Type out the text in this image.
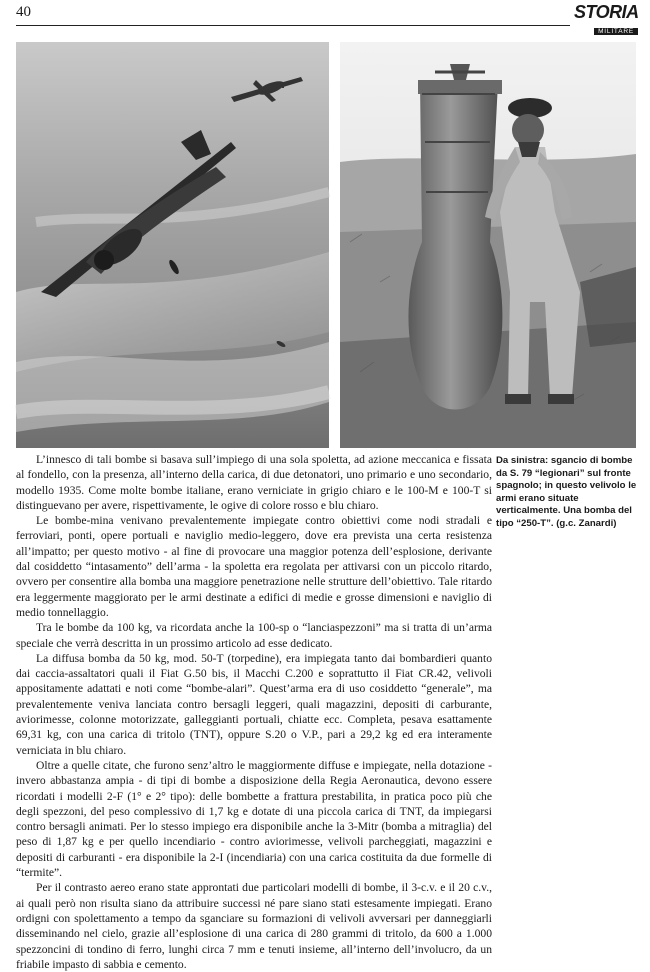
40	STORIA
MILITARE
Da sinistra: sgancio di bombe da S. 79 “legionari” sul fronte spagnolo; in questo velivolo le armi erano situate verticalmente. Una bomba del tipo “250-T”. (g.c. Zanardi)

L’innesco di tali bombe si basava sull’impiego di una sola spoletta, ad azione meccanica e fissata al fondello, con la presenza, all’interno della carica, di due detonatori, uno primario e uno secondario, modello 1935. Come molte bombe italiane, erano verniciate in grigio chiaro e le 100-M e 100-T si distinguevano per avere, rispettivamente, le ogive di colore rosso e blu chiaro.

Le bombe-mina venivano prevalentemente impiegate contro obiettivi come nodi stradali e ferroviari, ponti, opere portuali e naviglio medio-leggero, dove era prevista una certa resistenza all’impatto; per questo motivo - al fine di provocare una maggior potenza dell’esplosione, derivante dal cosiddetto “intasamento” dell’arma - la spoletta era regolata per attivarsi con un piccolo ritardo, ovvero per consentire alla bomba una maggiore penetrazione nelle strutture dell’obiettivo. Tale ritardo era leggermente maggiorato per le armi destinate a edifici di medie e grosse dimensioni e naviglio di medio tonnellaggio.

Tra le bombe da 100 kg, va ricordata anche la 100-sp o “lanciaspezzoni” ma si tratta di un’arma speciale che verrà descritta in un prossimo articolo ad esse dedicato.

La diffusa bomba da 50 kg, mod. 50-T (torpedine), era impiegata tanto dai bombardieri quanto dai caccia-assaltatori quali il Fiat G.50 bis, il Macchi C.200 e soprattutto il Fiat CR.42, velivoli appositamente adattati e noti come “bombe-alari”. Quest’arma era di uso cosiddetto “generale”, ma prevalentemente veniva lanciata contro bersagli leggeri, quali magazzini, depositi di carburante, aviorimesse, colonne motorizzate, galleggianti portuali, chiatte ecc. Completa, pesava esattamente 69,31 kg, con una carica di tritolo (TNT), oppure S.20 o V.P., pari a 29,2 kg ed era interamente verniciata in blu chiaro.

Oltre a quelle citate, che furono senz’altro le maggiormente diffuse e impiegate, nella dotazione - invero abbastanza ampia - di tipi di bombe a disposizione della Regia Aeronautica, devono essere ricordati i modelli 2-F (1° e 2° tipo): delle bombette a frattura prestabilita, in pratica poco più che degli spezzoni, del peso complessivo di 1,7 kg e dotate di una piccola carica di TNT, da impiegarsi contro bersagli animati. Per lo stesso impiego era disponibile anche la 3-Mitr (bomba a mitraglia) del peso di 1,87 kg e per quello incendiario - contro aviorimesse, velivoli parcheggiati, magazzini e depositi di carburanti - era disponibile la 2-I (incendiaria) con una carica costituita da due formelle di “termite”.

Per il contrasto aereo erano state approntati due particolari modelli di bombe, il 3-c.v. e il 20 c.v., ai quali però non risulta siano da attribuire successi né pare siano stati estesamente impiegati. Erano ordigni con spolettamento a tempo da sganciare su formazioni di velivoli avversari per danneggiarli disseminando nel cielo, grazie all’esplosione di una carica di 280 grammi di tritolo, da 600 a 1.000 spezzoncini di tondino di ferro, lunghi circa 7 mm e tenuti insieme, all’interno dell’involucro, da un friabile impasto di sabbia e cemento.
